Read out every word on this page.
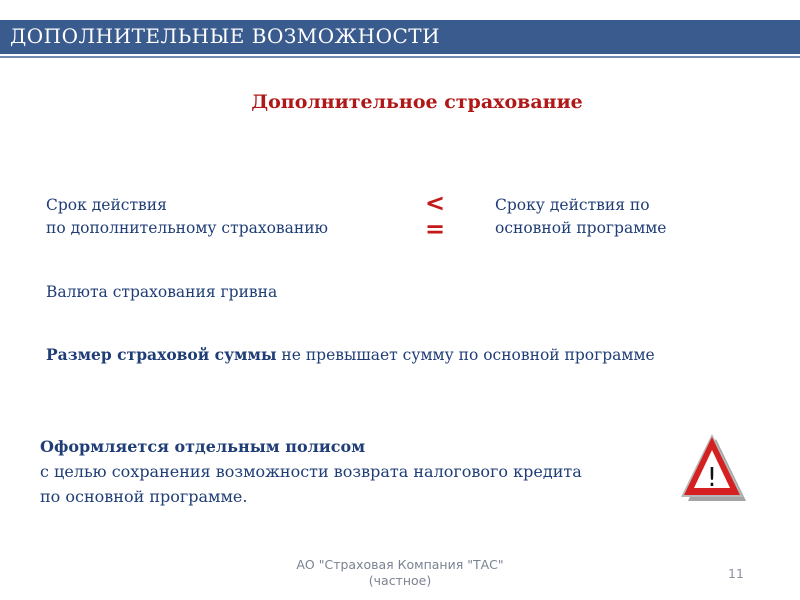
ДОПОЛНИТЕЛЬНЫЕ ВОЗМОЖНОСТИ
Дополнительное страхование
Срок действия
по дополнительному страхованию
<
=
Сроку действия по
основной программе
Валюта страхования гривна
Размер страховой суммы не превышает сумму по основной программе
Оформляется отдельным полисом
с целью сохранения возможности возврата налогового кредита
по основной программе.
!
АО "Страховая Компания "ТАС"
(частное)	11
